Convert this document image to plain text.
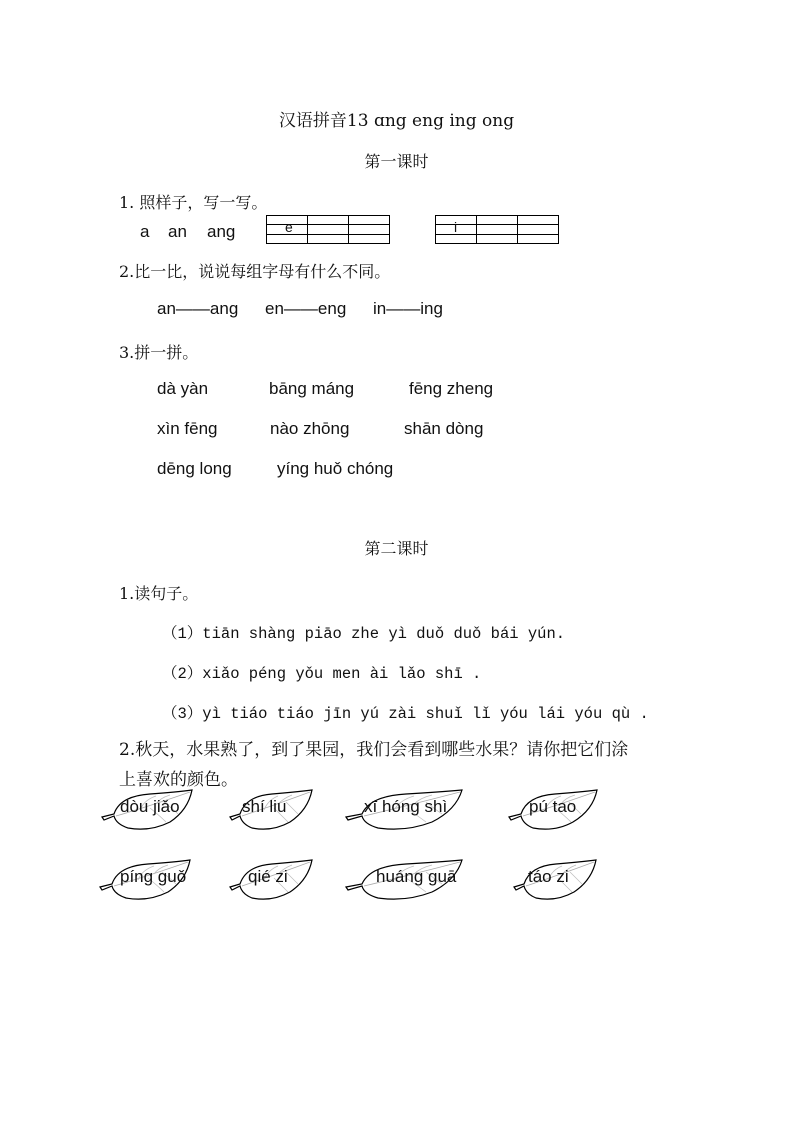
汉语拼音13 ɑng eng ing ong
第一课时
1. 照样子，写一写。
a an ang	e	i
2.比一比，说说每组字母有什么不同。
an——ang en——eng in——ing
3.拼一拼。
dà yàn	bāng máng	fēng zheng
xìn fēng	nào zhōng	shān dòng
dēng long	yíng huǒ chóng
第二课时
1.读句子。
（1）tiān shàng piāo zhe yì duǒ duǒ bái yún.
（2）xiǎo péng yǒu men ài lǎo shī .
（3）yì tiáo tiáo jīn yú zài shuǐ lǐ yóu lái yóu qù .
2.秋天，水果熟了，到了果园，我们会看到哪些水果？请你把它们涂
上喜欢的颜色。
dòu jiǎo	shí liu	xī hóng shì	pú tao
píng guǒ	qié zi	huáng guā	táo zi
